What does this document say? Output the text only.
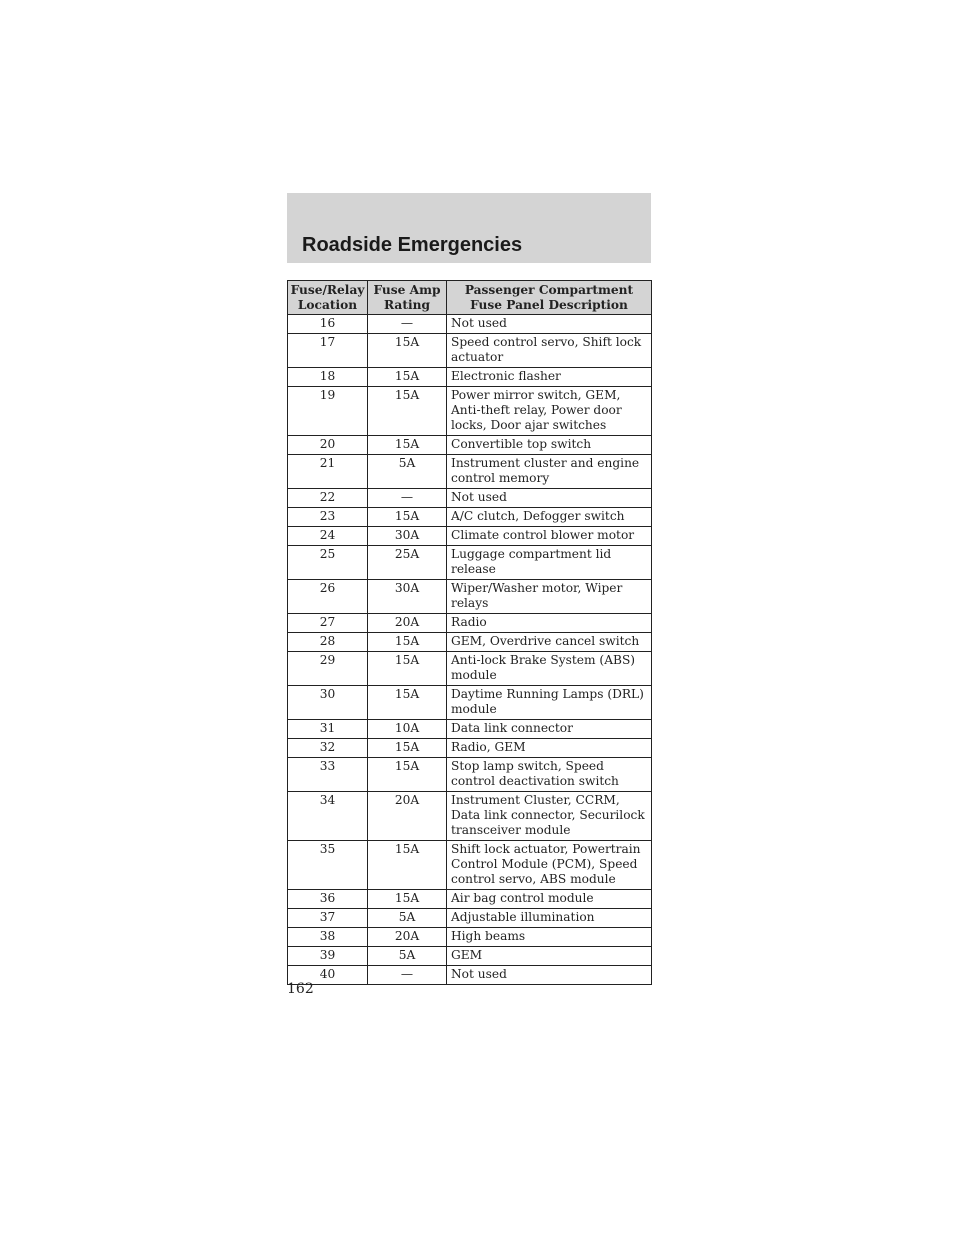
Roadside Emergencies
Fuse/Relay Location	Fuse Amp Rating	Passenger Compartment Fuse Panel Description
16	—	Not used
17	15A	Speed control servo, Shift lock actuator
18	15A	Electronic flasher
19	15A	Power mirror switch, GEM, Anti-theft relay, Power door locks, Door ajar switches
20	15A	Convertible top switch
21	5A	Instrument cluster and engine control memory
22	—	Not used
23	15A	A/C clutch, Defogger switch
24	30A	Climate control blower motor
25	25A	Luggage compartment lid release
26	30A	Wiper/Washer motor, Wiper relays
27	20A	Radio
28	15A	GEM, Overdrive cancel switch
29	15A	Anti-lock Brake System (ABS) module
30	15A	Daytime Running Lamps (DRL) module
31	10A	Data link connector
32	15A	Radio, GEM
33	15A	Stop lamp switch, Speed control deactivation switch
34	20A	Instrument Cluster, CCRM, Data link connector, Securilock transceiver module
35	15A	Shift lock actuator, Powertrain Control Module (PCM), Speed control servo, ABS module
36	15A	Air bag control module
37	5A	Adjustable illumination
38	20A	High beams
39	5A	GEM
40	—	Not used
162
